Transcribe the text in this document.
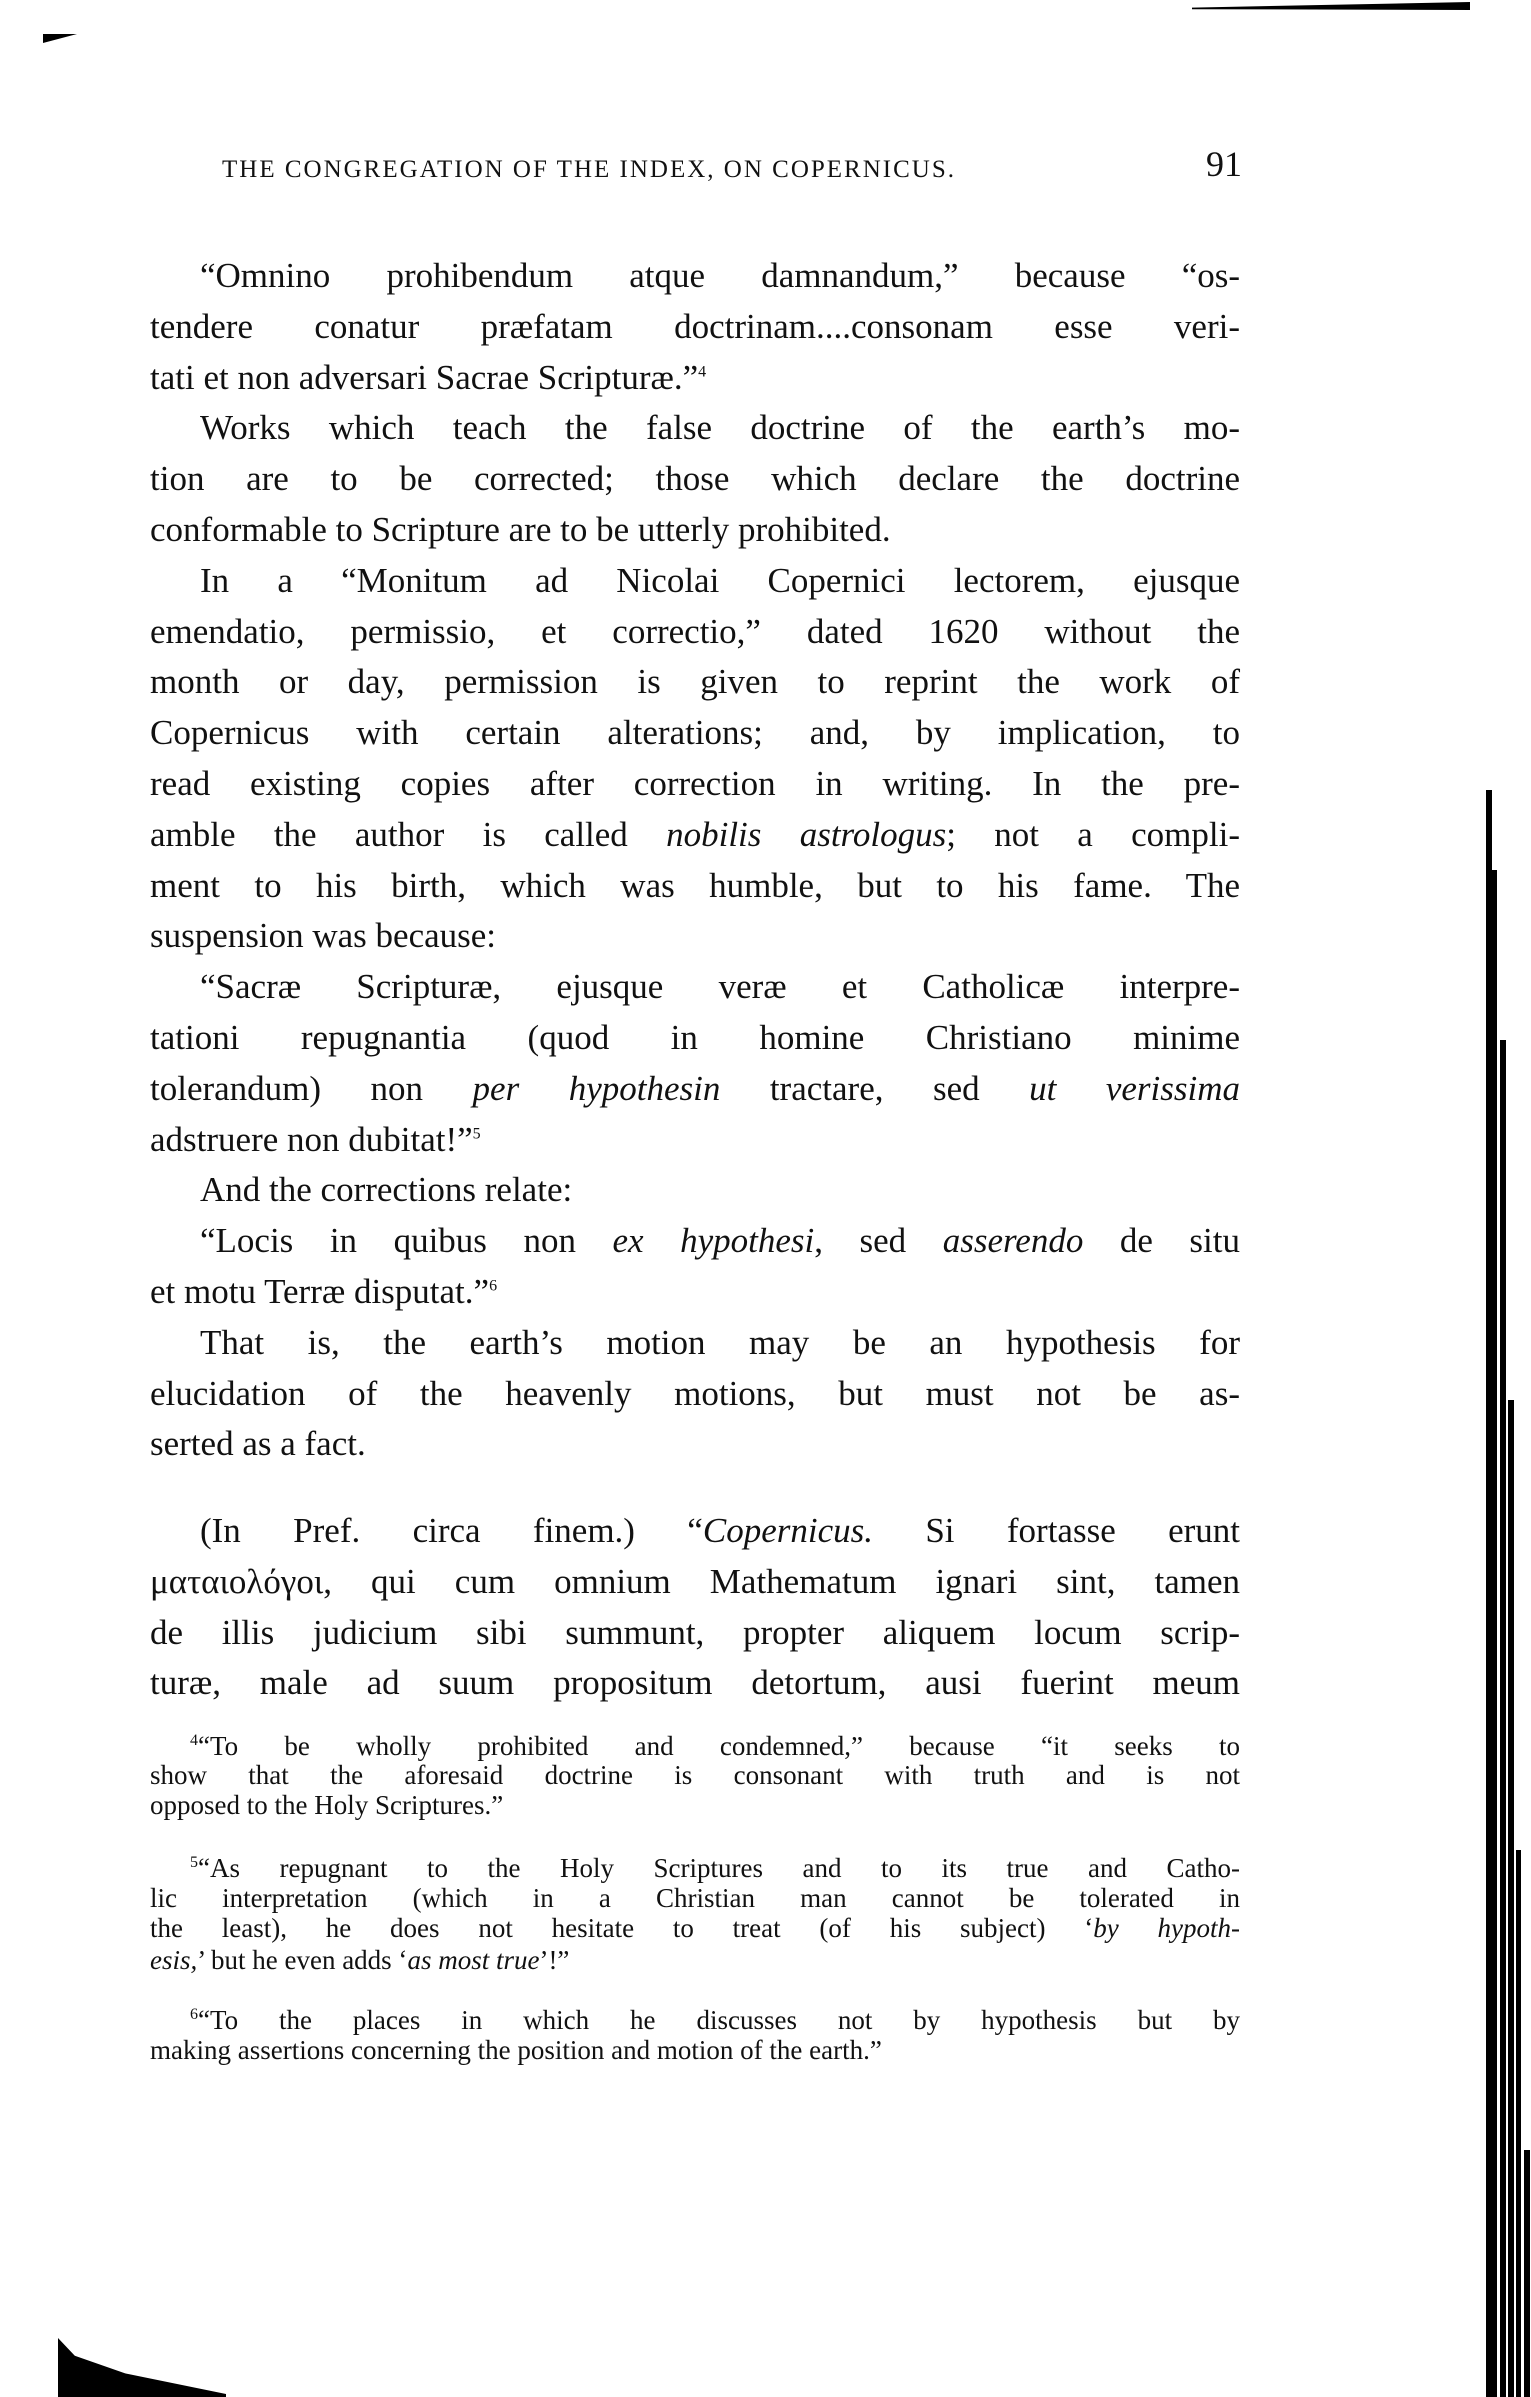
THE CONGREGATION OF THE INDEX, ON COPERNICUS.	91
“Omnino prohibendum atque damnandum,” because “os-
tendere conatur præfatam doctrinam....consonam esse veri-
tati et non adversari Sacrae Scripturæ.”$^4$
Works which teach the false doctrine of the earth’s mo-
tion are to be corrected; those which declare the doctrine
conformable to Scripture are to be utterly prohibited.
In a “Monitum ad Nicolai Copernici lectorem, ejusque
emendatio, permissio, et correctio,” dated 1620 without the
month or day, permission is given to reprint the work of
Copernicus with certain alterations; and, by implication, to
read existing copies after correction in writing. In the pre-
amble the author is called nobilis astrologus; not a compli-
ment to his birth, which was humble, but to his fame. The
suspension was because:
“Sacræ Scripturæ, ejusque veræ et Catholicæ interpre-
tationi repugnantia (quod in homine Christiano minime
tolerandum) non per hypothesin tractare, sed ut verissima
adstruere non dubitat!”$^5$
And the corrections relate:
“Locis in quibus non ex hypothesi, sed asserendo de situ
et motu Terræ disputat.”$^6$
That is, the earth’s motion may be an hypothesis for
elucidation of the heavenly motions, but must not be as-
serted as a fact.
(In Pref. circa finem.) “Copernicus. Si fortasse erunt
ματαιολόγοι, qui cum omnium Mathematum ignari sint, tamen
de illis judicium sibi summunt, propter aliquem locum scrip-
turæ, male ad suum propositum detortum, ausi fuerint meum
$^4$“To be wholly prohibited and condemned,” because “it seeks to
show that the aforesaid doctrine is consonant with truth and is not
opposed to the Holy Scriptures.”
$^5$“As repugnant to the Holy Scriptures and to its true and Catho-
lic interpretation (which in a Christian man cannot be tolerated in
the least), he does not hesitate to treat (of his subject) ‘by hypoth-
esis,’ but he even adds ‘as most true’!”
$^6$“To the places in which he discusses not by hypothesis but by
making assertions concerning the position and motion of the earth.”
